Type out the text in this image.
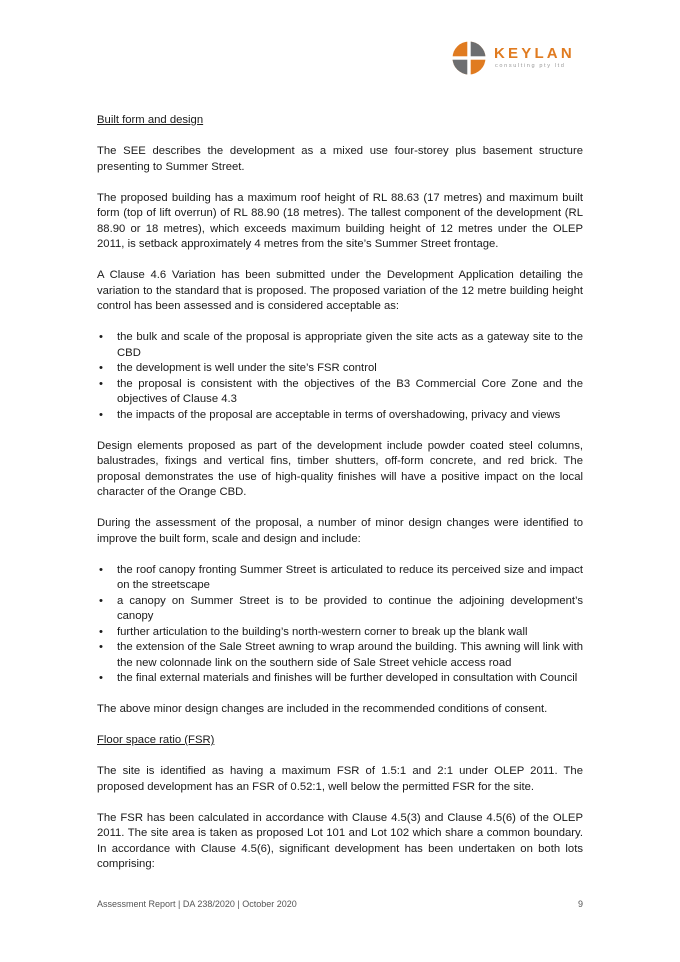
KEYLAN
consulting pty ltd
Built form and design

The SEE describes the development as a mixed use four-storey plus basement structure presenting to Summer Street.

The proposed building has a maximum roof height of RL 88.63 (17 metres) and maximum built form (top of lift overrun) of RL 88.90 (18 metres). The tallest component of the development (RL 88.90 or 18 metres), which exceeds maximum building height of 12 metres under the OLEP 2011, is setback approximately 4 metres from the site’s Summer Street frontage.

A Clause 4.6 Variation has been submitted under the Development Application detailing the variation to the standard that is proposed. The proposed variation of the 12 metre building height control has been assessed and is considered acceptable as:

• the bulk and scale of the proposal is appropriate given the site acts as a gateway site to the CBD
• the development is well under the site’s FSR control
• the proposal is consistent with the objectives of the B3 Commercial Core Zone and the objectives of Clause 4.3
• the impacts of the proposal are acceptable in terms of overshadowing, privacy and views

Design elements proposed as part of the development include powder coated steel columns, balustrades, fixings and vertical fins, timber shutters, off-form concrete, and red brick. The proposal demonstrates the use of high-quality finishes will have a positive impact on the local character of the Orange CBD.

During the assessment of the proposal, a number of minor design changes were identified to improve the built form, scale and design and include:

• the roof canopy fronting Summer Street is articulated to reduce its perceived size and impact on the streetscape
• a canopy on Summer Street is to be provided to continue the adjoining development’s canopy
• further articulation to the building’s north-western corner to break up the blank wall
• the extension of the Sale Street awning to wrap around the building. This awning will link with the new colonnade link on the southern side of Sale Street vehicle access road
• the final external materials and finishes will be further developed in consultation with Council

The above minor design changes are included in the recommended conditions of consent.

Floor space ratio (FSR)

The site is identified as having a maximum FSR of 1.5:1 and 2:1 under OLEP 2011. The proposed development has an FSR of 0.52:1, well below the permitted FSR for the site.

The FSR has been calculated in accordance with Clause 4.5(3) and Clause 4.5(6) of the OLEP 2011. The site area is taken as proposed Lot 101 and Lot 102 which share a common boundary. In accordance with Clause 4.5(6), significant development has been undertaken on both lots comprising:

Assessment Report | DA 238/2020 | October 2020	9
